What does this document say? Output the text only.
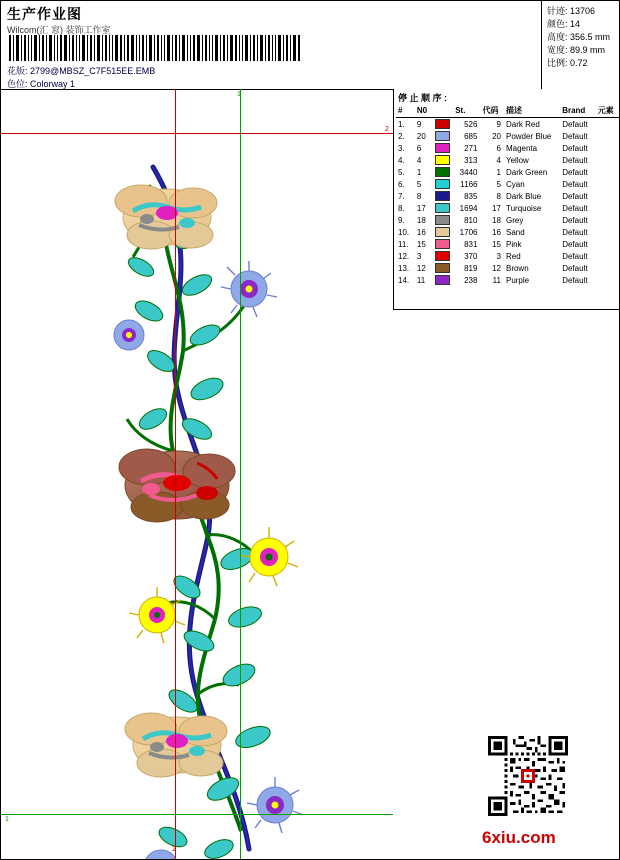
生产作业图
Wilcom(汇 窓) 装饰工作室
花版: 2799@MBSZ_C7F515EE.EMB
色位: Colorway 1
针迹: 13706
颜色: 14
高度: 356.5 mm
宽度: 89.9 mm
比例: 0.72
停 止 顺 序 :
#	N0		St.	代码	描述	Brand	元素
1.	9		526	9	Dark Red	Default	
2.	20		685	20	Powder Blue	Default	
3.	6		271	6	Magenta	Default	
4.	4		313	4	Yellow	Default	
5.	1		3440	1	Dark Green	Default	
6.	5		1166	5	Cyan	Default	
7.	8		835	8	Dark Blue	Default	
8.	17		1694	17	Turquoise	Default	
9.	18		810	18	Grey	Default	
10.	16		1706	16	Sand	Default	
11.	15		831	15	Pink	Default	
12.	3		370	3	Red	Default	
13.	12		819	12	Brown	Default	
14.	11		238	11	Purple	Default	
1
1
2
2
6xiu.com
